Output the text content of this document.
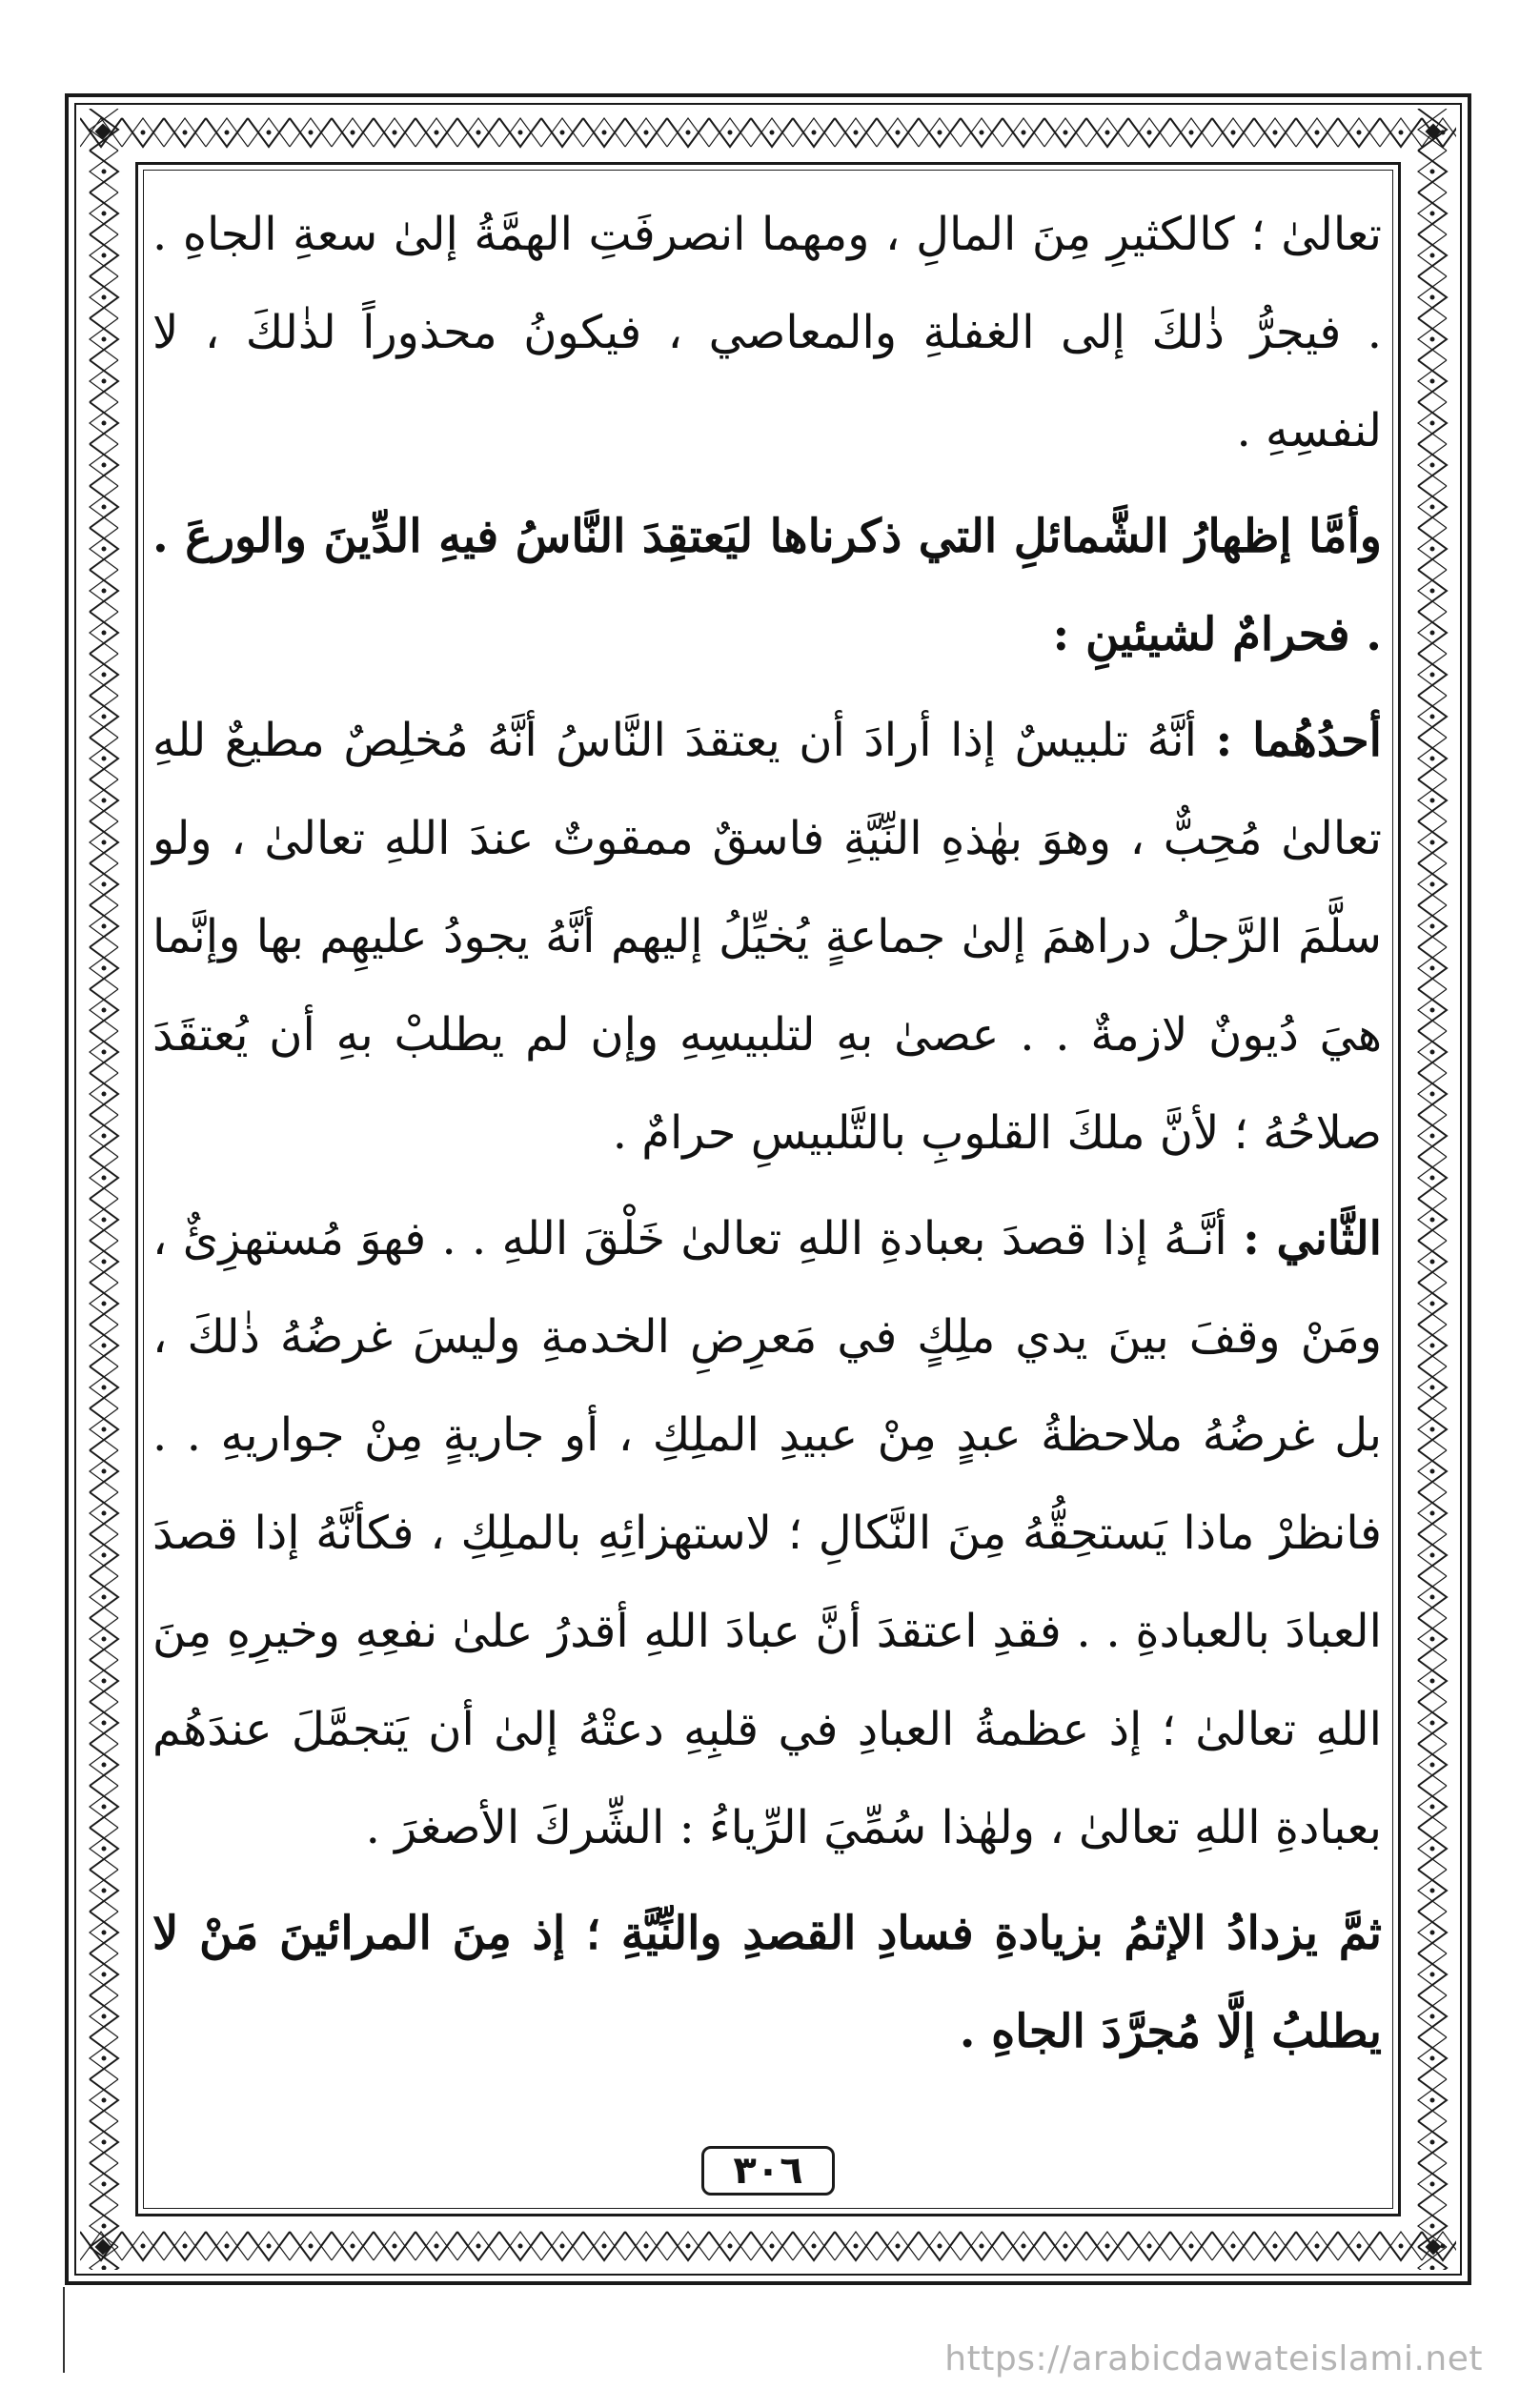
٣٠٦

تعالىٰ ؛ كالكثيرِ مِنَ المالِ ، ومهما انصرفَتِ الهمَّةُ إلىٰ سعةِ الجاهِ . . فيجرُّ ذٰلكَ إلى الغفلةِ والمعاصي ، فيكونُ محذوراً لذٰلكَ ، لا لنفسِهِ .

وأمَّا إظهارُ الشَّمائلِ التي ذكرناها ليَعتقِدَ النَّاسُ فيهِ الدِّينَ والورعَ . . فحرامٌ لشيئينِ :

أحدُهُما : أنَّهُ تلبيسٌ إذا أرادَ أن يعتقدَ النَّاسُ أنَّهُ مُخلِصٌ مطيعٌ للهِ تعالىٰ مُحِبٌّ ، وهوَ بهٰذهِ النِّيَّةِ فاسقٌ ممقوتٌ عندَ اللهِ تعالىٰ ، ولو سلَّمَ الرَّجلُ دراهمَ إلىٰ جماعةٍ يُخيِّلُ إليهم أنَّهُ يجودُ عليهِم بها وإنَّما هيَ دُيونٌ لازمةٌ . . عصىٰ بهِ لتلبيسِهِ وإن لم يطلبْ بهِ أن يُعتقَدَ صلاحُهُ ؛ لأنَّ ملكَ القلوبِ بالتَّلبيسِ حرامٌ .

الثَّاني : أنَّـهُ إذا قصدَ بعبادةِ اللهِ تعالىٰ خَلْقَ اللهِ . . فهوَ مُستهزِئٌ ، ومَنْ وقفَ بينَ يدي ملِكٍ في مَعرِضِ الخدمةِ وليسَ غرضُهُ ذٰلكَ ، بل غرضُهُ ملاحظةُ عبدٍ مِنْ عبيدِ الملِكِ ، أو جاريةٍ مِنْ جواريهِ . . فانظرْ ماذا يَستحِقُّهُ مِنَ النَّكالِ ؛ لاستهزائِهِ بالملِكِ ، فكأنَّهُ إذا قصدَ العبادَ بالعبادةِ . . فقدِ اعتقدَ أنَّ عبادَ اللهِ أقدرُ علىٰ نفعِهِ وخيرِهِ مِنَ اللهِ تعالىٰ ؛ إذ عظمةُ العبادِ في قلبِهِ دعتْهُ إلىٰ أن يَتجمَّلَ عندَهُم بعبادةِ اللهِ تعالىٰ ، ولهٰذا سُمِّيَ الرِّياءُ : الشِّركَ الأصغرَ .

ثمَّ يزدادُ الإثمُ بزيادةِ فسادِ القصدِ والنِّيَّةِ ؛ إذ مِنَ المرائينَ مَنْ لا يطلبُ إلَّا مُجرَّدَ الجاهِ .

https://arabicdawateislami.net
